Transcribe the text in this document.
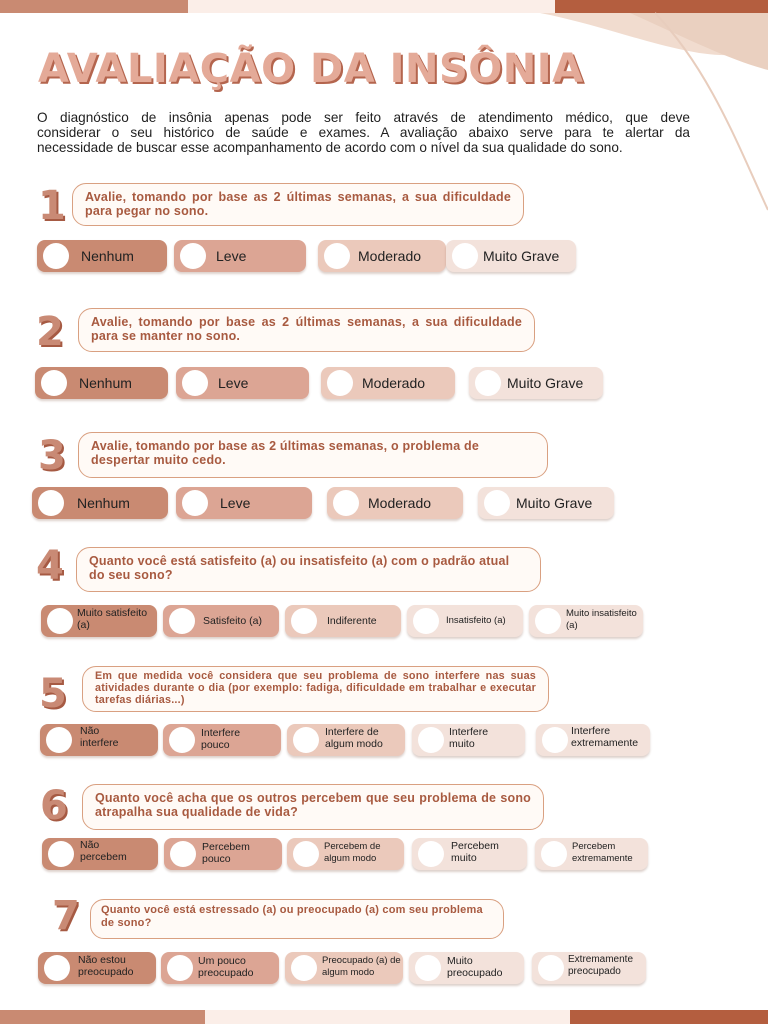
AVALIAÇÃO DA INSÔNIA
O diagnóstico de insônia apenas pode ser feito através de atendimento médico, que deve
considerar o seu histórico de saúde e exames. A avaliação abaixo serve para te alertar da
necessidade de buscar esse acompanhamento de acordo com o nível da sua qualidade do sono.
1	Avalie, tomando por base as 2 últimas semanas, a sua dificuldade para pegar no sono.
Nenhum	Leve	Moderado	Muito Grave
2	Avalie, tomando por base as 2 últimas semanas, a sua dificuldade para se manter no sono.
Nenhum	Leve	Moderado	Muito Grave
3	Avalie, tomando por base as 2 últimas semanas, o problema de despertar muito cedo.
Nenhum	Leve	Moderado	Muito Grave
4	Quanto você está satisfeito (a) ou insatisfeito (a) com o padrão atual do seu sono?
Muito satisfeito (a)	Satisfeito (a)	Indiferente	Insatisfeito (a)
Muito insatisfeito (a)
5	Em que medida você considera que seu problema de sono interfere nas suas atividades durante o dia (por exemplo: fadiga, dificuldade em trabalhar e executar tarefas diárias...)
Não interfere
Interfere pouco
Interfere de algum modo
Interfere muito
Interfere extremamente
6	Quanto você acha que os outros percebem que seu problema de sono atrapalha sua qualidade de vida?
Não percebem
Percebem pouco
Percebem de algum modo
Percebem muito
Percebem extremamente
7	Quanto você está estressado (a) ou preocupado (a) com seu problema de sono?
Não estou preocupado
Um pouco preocupado
Preocupado (a) de algum modo
Muito preocupado
Extremamente preocupado
